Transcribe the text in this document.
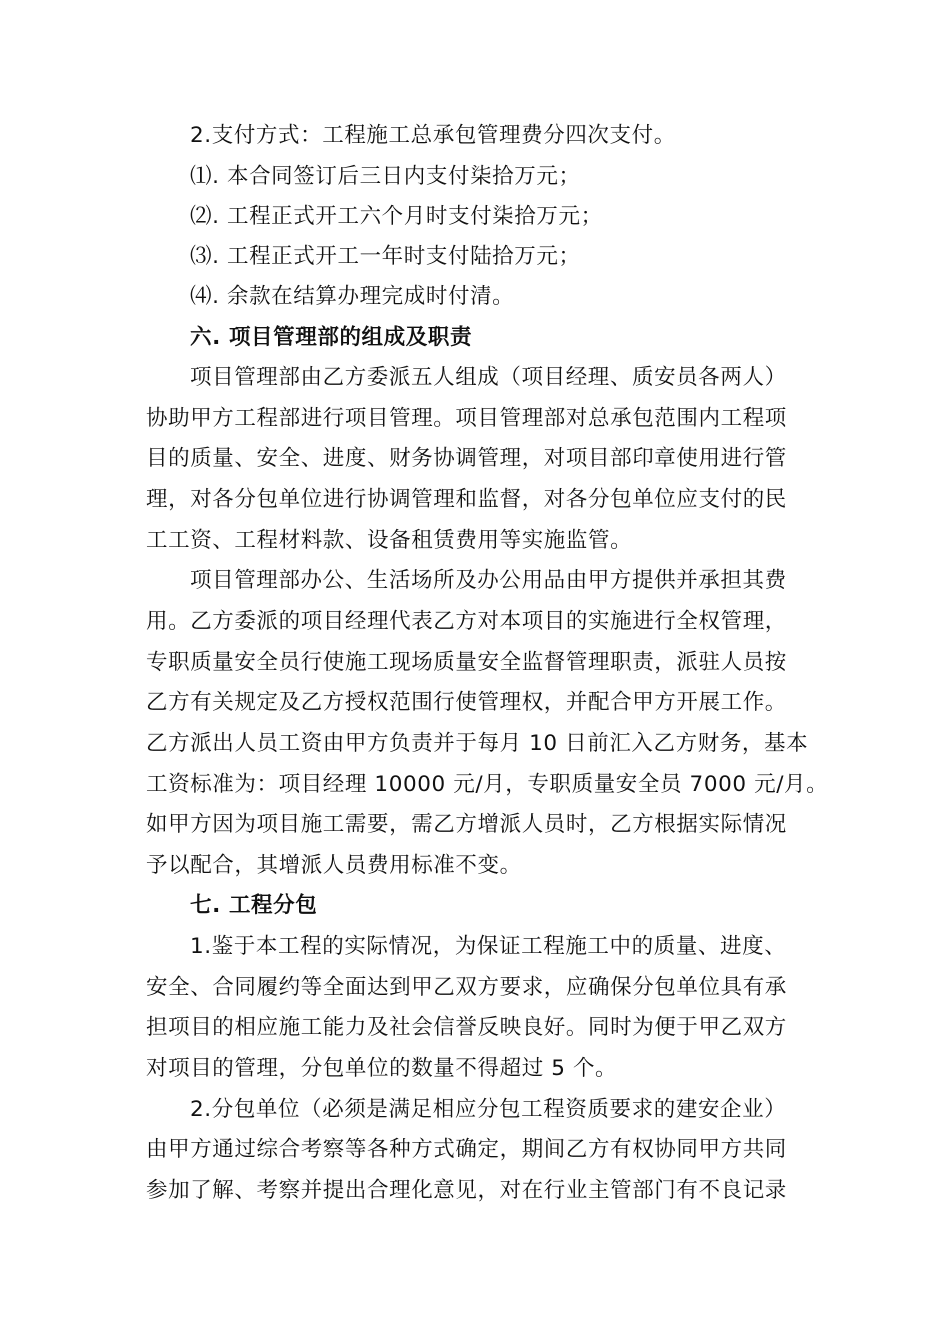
2.支付方式：工程施工总承包管理费分四次支付。
⑴. 本合同签订后三日内支付柒拾万元；
⑵. 工程正式开工六个月时支付柒拾万元；
⑶. 工程正式开工一年时支付陆拾万元；
⑷. 余款在结算办理完成时付清。
六. 项目管理部的组成及职责
项目管理部由乙方委派五人组成（项目经理、质安员各两人）
协助甲方工程部进行项目管理。项目管理部对总承包范围内工程项
目的质量、安全、进度、财务协调管理，对项目部印章使用进行管
理，对各分包单位进行协调管理和监督，对各分包单位应支付的民
工工资、工程材料款、设备租赁费用等实施监管。
项目管理部办公、生活场所及办公用品由甲方提供并承担其费
用。乙方委派的项目经理代表乙方对本项目的实施进行全权管理，
专职质量安全员行使施工现场质量安全监督管理职责，派驻人员按
乙方有关规定及乙方授权范围行使管理权，并配合甲方开展工作。
乙方派出人员工资由甲方负责并于每月 10 日前汇入乙方财务，基本
工资标准为：项目经理 10000 元/月，专职质量安全员 7000 元/月。
如甲方因为项目施工需要，需乙方增派人员时，乙方根据实际情况
予以配合，其增派人员费用标准不变。
七. 工程分包
1.鉴于本工程的实际情况，为保证工程施工中的质量、进度、
安全、合同履约等全面达到甲乙双方要求，应确保分包单位具有承
担项目的相应施工能力及社会信誉反映良好。同时为便于甲乙双方
对项目的管理，分包单位的数量不得超过 5 个。
2.分包单位（必须是满足相应分包工程资质要求的建安企业）
由甲方通过综合考察等各种方式确定，期间乙方有权协同甲方共同
参加了解、考察并提出合理化意见，对在行业主管部门有不良记录
